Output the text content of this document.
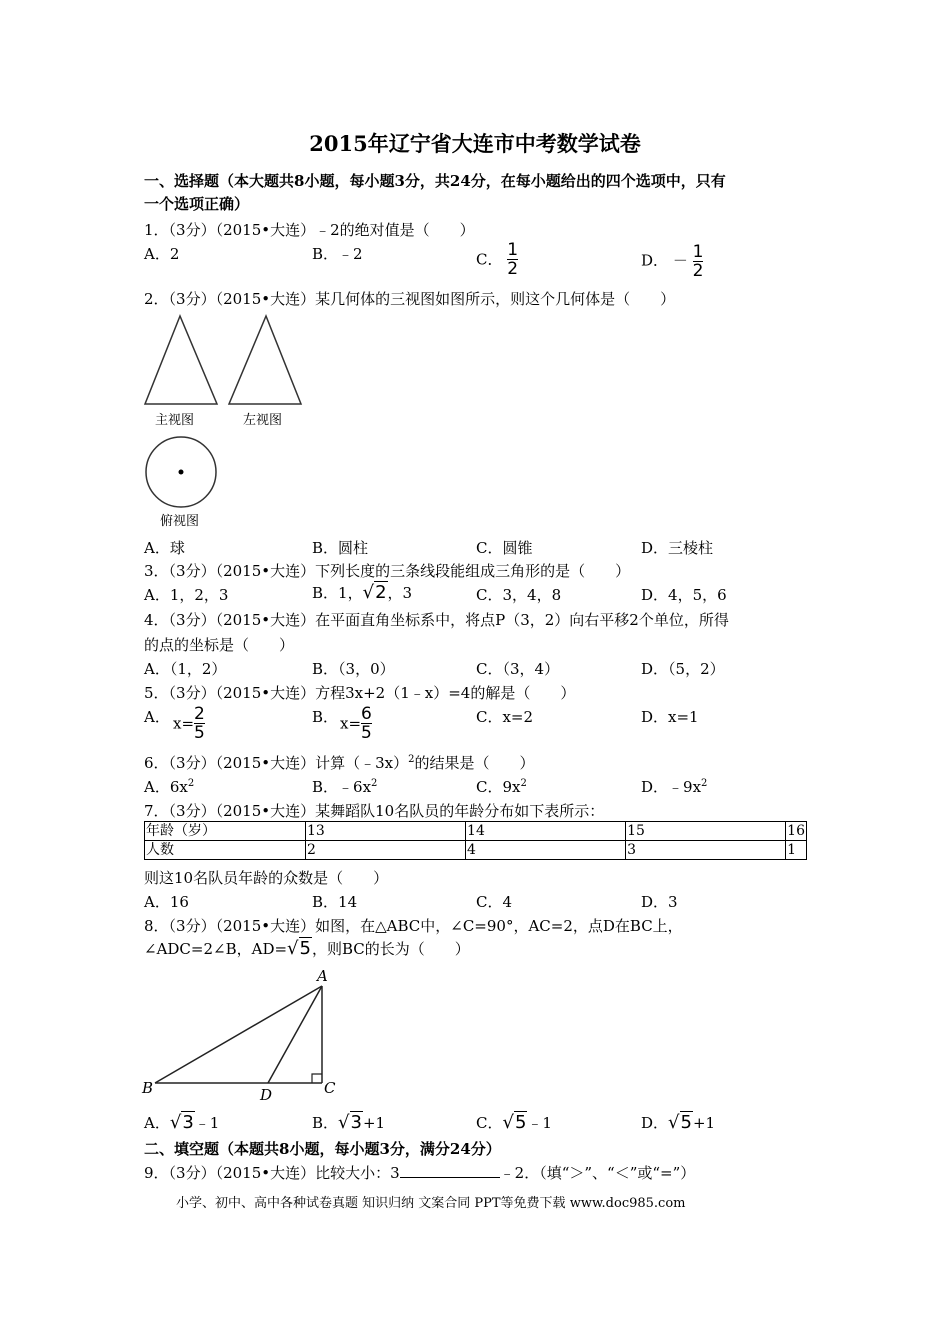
2015年辽宁省大连市中考数学试卷
一、选择题（本大题共8小题，每小题3分，共24分，在每小题给出的四个选项中，只有
一个选项正确）
1．（3分）（2015•大连）﹣2的绝对值是（　　）
A．2	B．﹣2	C． $\frac{1}{2}$	D． － $\frac{1}{2}$
2．（3分）（2015•大连）某几何体的三视图如图所示，则这个几何体是（　　）
主视图	左视图
俯视图
A．球	B．圆柱	C．圆锥	D．三棱柱
3．（3分）（2015•大连）下列长度的三条线段能组成三角形的是（　　）
A．1，2，3	B．1，√2，3	C．3，4，8	D．4，5，6
4．（3分）（2015•大连）在平面直角坐标系中，将点P（3，2）向右平移2个单位，所得
的点的坐标是（　　）
A．（1，2）	B．（3，0）	C．（3，4）	D．（5，2）
5．（3分）（2015•大连）方程3x+2（1﹣x）=4的解是（　　）
A． $x= \frac{2}{5}$	B． $x= \frac{6}{5}$	C．x=2	D．x=1
6．（3分）（2015•大连）计算（﹣3x）$^2$的结果是（　　）
A．$6x^2$	B．$﹣6x^2$	C．$9x^2$	D．$﹣9x^2$
7．（3分）（2015•大连）某舞蹈队10名队员的年龄分布如下表所示：
年龄（岁）	13	14	15	16
人数	2	4	3	1
则这10名队员年龄的众数是（　　）
A．16	B．14	C．4	D．3
8．（3分）（2015•大连）如图，在△ABC中，∠C=90°，AC=2，点D在BC上，
∠ADC=2∠B，AD=√5，则BC的长为（　　）
A
B	C
D
A．√3﹣1	B．√3+1	C．√5﹣1	D．√5+1
二、填空题（本题共8小题，每小题3分，满分24分）
9．（3分）（2015•大连）比较大小：3	﹣2．（填“＞”、“＜”或“=”）
小学、初中、高中各种试卷真题 知识归纳 文案合同 PPT等免费下载 www.doc985.com
